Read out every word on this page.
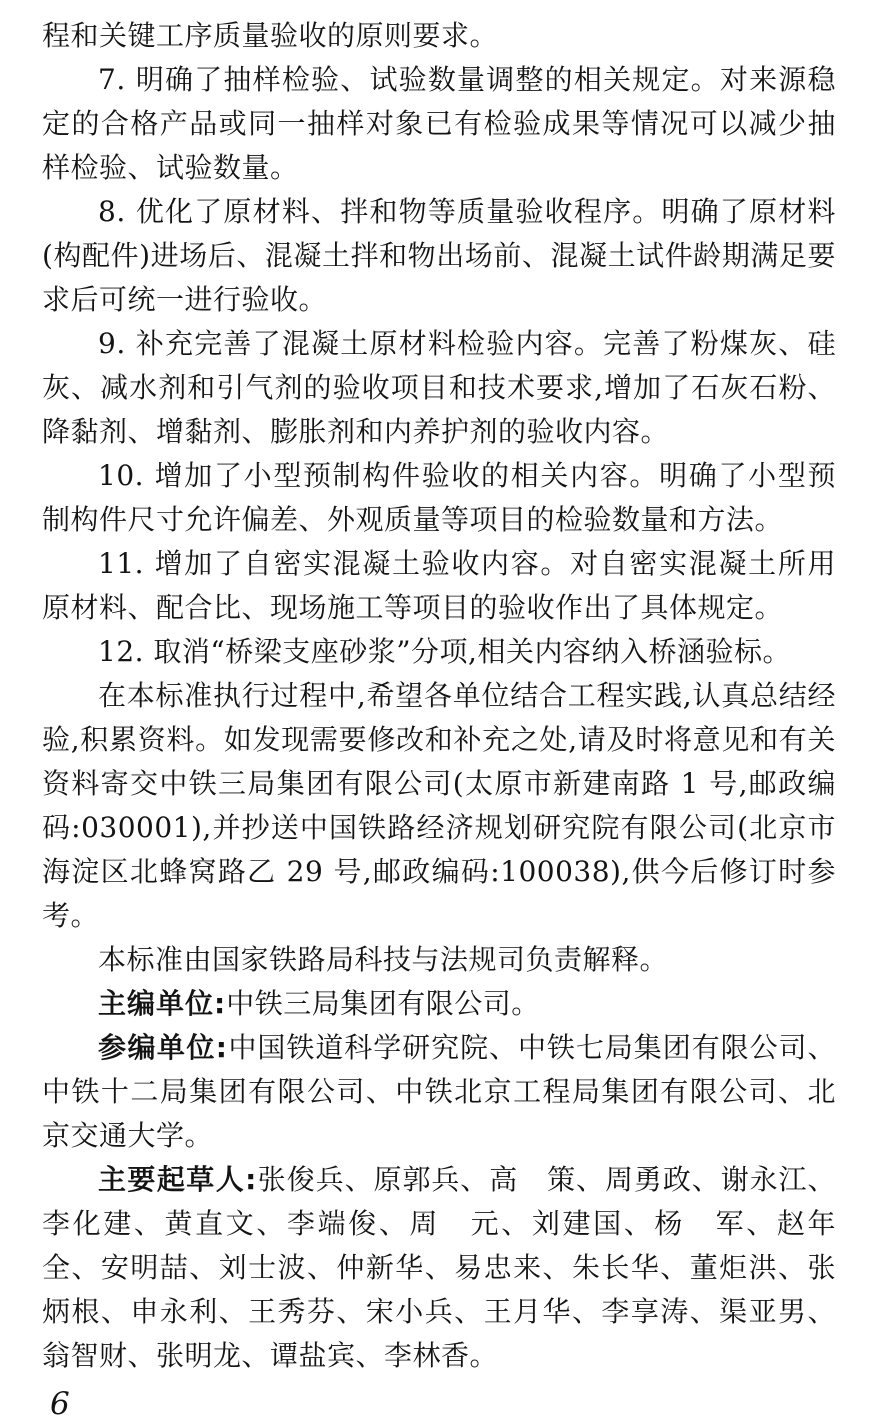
程和关键工序质量验收的原则要求。

7. 明确了抽样检验、试验数量调整的相关规定。对来源稳定的合格产品或同一抽样对象已有检验成果等情况可以减少抽样检验、试验数量。

8. 优化了原材料、拌和物等质量验收程序。明确了原材料(构配件)进场后、混凝土拌和物出场前、混凝土试件龄期满足要求后可统一进行验收。

9. 补充完善了混凝土原材料检验内容。完善了粉煤灰、硅灰、减水剂和引气剂的验收项目和技术要求,增加了石灰石粉、降黏剂、增黏剂、膨胀剂和内养护剂的验收内容。

10. 增加了小型预制构件验收的相关内容。明确了小型预制构件尺寸允许偏差、外观质量等项目的检验数量和方法。

11. 增加了自密实混凝土验收内容。对自密实混凝土所用原材料、配合比、现场施工等项目的验收作出了具体规定。

12. 取消“桥梁支座砂浆”分项,相关内容纳入桥涵验标。

在本标准执行过程中,希望各单位结合工程实践,认真总结经验,积累资料。如发现需要修改和补充之处,请及时将意见和有关资料寄交中铁三局集团有限公司(太原市新建南路 1 号,邮政编码:030001),并抄送中国铁路经济规划研究院有限公司(北京市海淀区北蜂窝路乙 29 号,邮政编码:100038),供今后修订时参考。

本标准由国家铁路局科技与法规司负责解释。

主编单位:中铁三局集团有限公司。

参编单位:中国铁道科学研究院、中铁七局集团有限公司、中铁十二局集团有限公司、中铁北京工程局集团有限公司、北京交通大学。

主要起草人:张俊兵、原郭兵、高　策、周勇政、谢永江、李化建、黄直文、李端俊、周　元、刘建国、杨　军、赵年全、安明喆、刘士波、仲新华、易忠来、朱长华、董炬洪、张炳根、申永利、王秀芬、宋小兵、王月华、李享涛、渠亚男、翁智财、张明龙、谭盐宾、李林香。

6
